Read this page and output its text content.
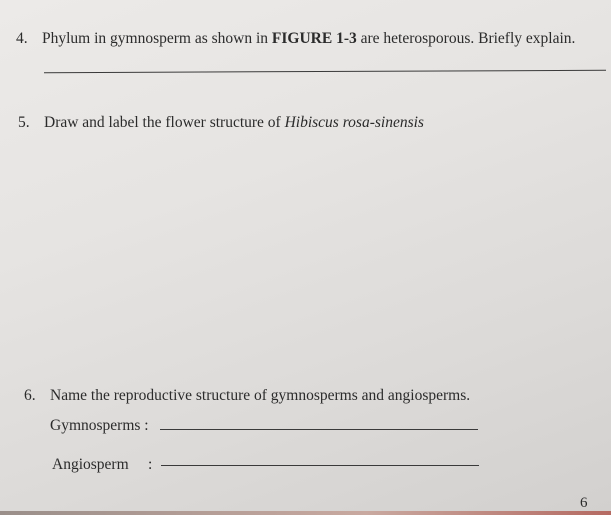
4. Phylum in gymnosperm as shown in FIGURE 1-3 are heterosporous. Briefly explain.
5. Draw and label the flower structure of Hibiscus rosa-sinensis
6. Name the reproductive structure of gymnosperms and angiosperms.
Gymnosperms :
Angiosperm :
6
